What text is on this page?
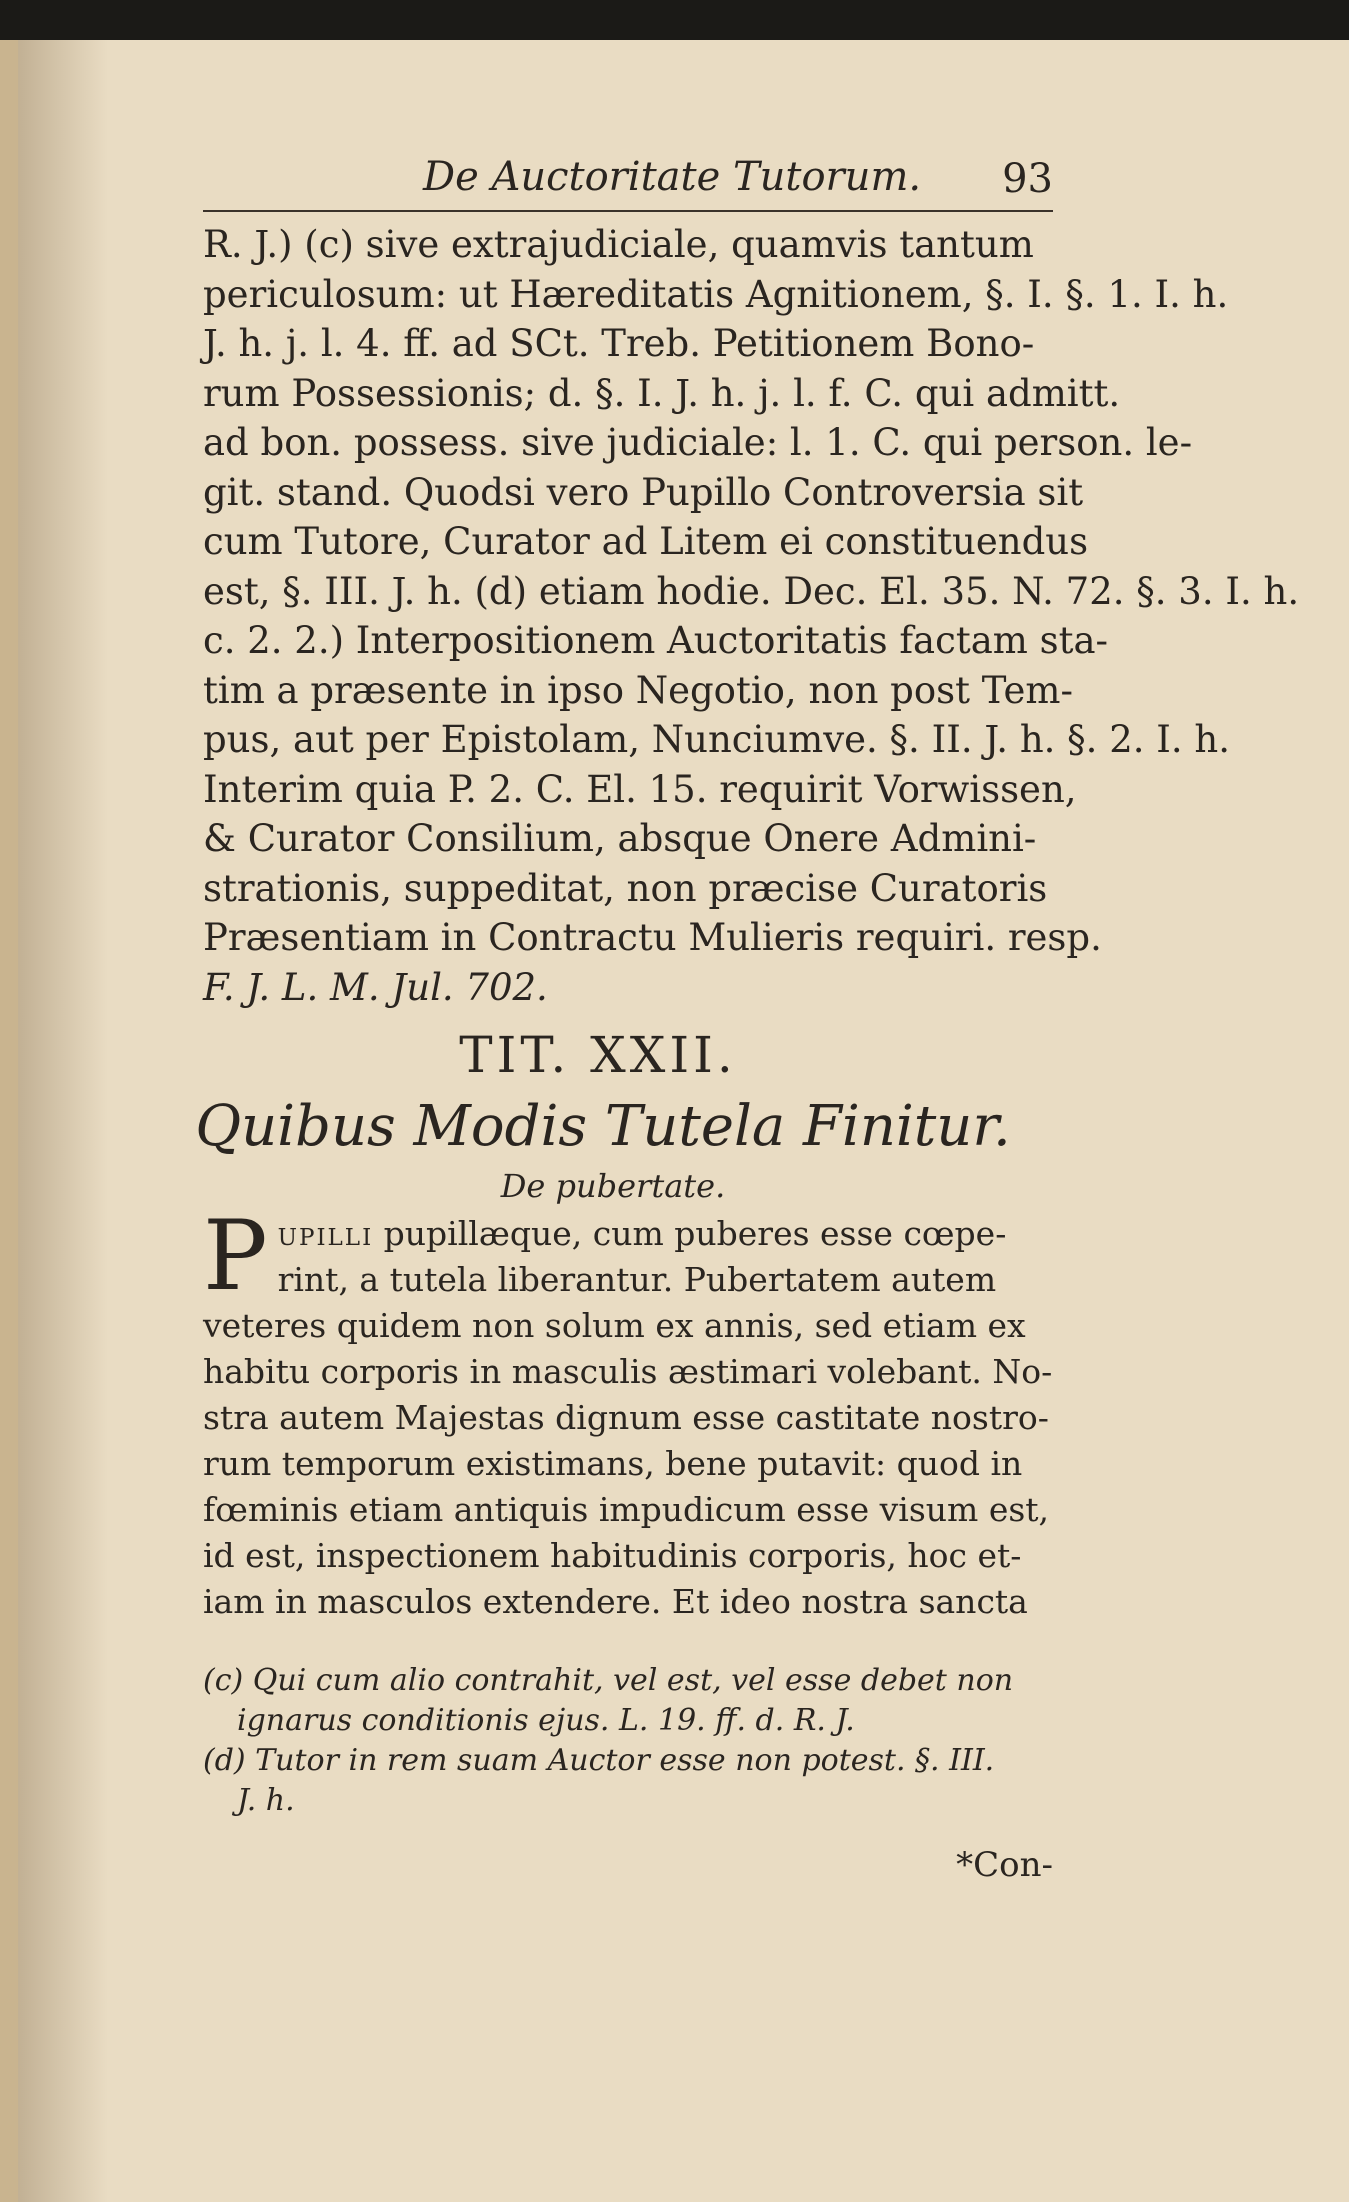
De Auctoritate Tutorum. 93
R. J.) (c) sive extrajudiciale, quamvis tantum
periculosum: ut Hæreditatis Agnitionem, §. I. §. 1. I. h.
J. h. j. l. 4. ff. ad SCt. Treb. Petitionem Bono-
rum Possessionis; d. §. I. J. h. j. l. f. C. qui admitt.
ad bon. possess. sive judiciale: l. 1. C. qui person. le-
git. stand. Quodsi vero Pupillo Controversia sit
cum Tutore, Curator ad Litem ei constituendus
est, §. III. J. h. (d) etiam hodie. Dec. El. 35. N. 72. §. 3. I. h.
c. 2. 2.) Interpositionem Auctoritatis factam sta-
tim a præsente in ipso Negotio, non post Tem-
pus, aut per Epistolam, Nunciumve. §. II. J. h. §. 2. I. h.
Interim quia P. 2. C. El. 15. requirit Vorwissen,
& Curator Consilium, absque Onere Admini-
strationis, suppeditat, non præcise Curatoris
Præsentiam in Contractu Mulieris requiri. resp.
F. J. L. M. Jul. 702.
TIT. XXII.
Quibus Modis Tutela Finitur.
De pubertate.
P upilli pupillæque, cum puberes esse cœpe-
rint, a tutela liberantur. Pubertatem autem
veteres quidem non solum ex annis, sed etiam ex
habitu corporis in masculis æstimari volebant. No-
stra autem Majestas dignum esse castitate nostro-
rum temporum existimans, bene putavit: quod in
fœminis etiam antiquis impudicum esse visum est,
id est, inspectionem habitudinis corporis, hoc et-
iam in masculos extendere. Et ideo nostra sancta
(c) Qui cum alio contrahit, vel est, vel esse debet non
ignarus conditionis ejus. L. 19. ff. d. R. J.
(d) Tutor in rem suam Auctor esse non potest. §. III.
J. h.
*Con-
